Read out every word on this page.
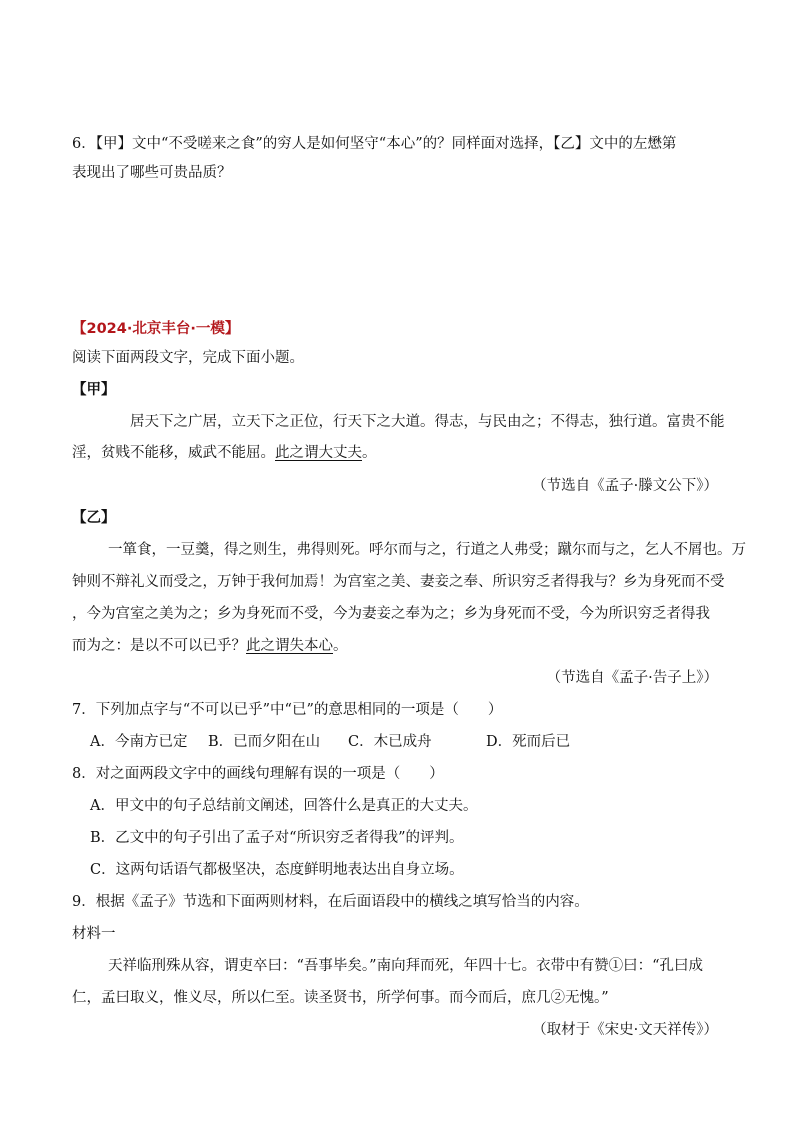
6．【甲】文中“不受嗟来之食”的穷人是如何坚守“本心”的？同样面对选择，【乙】文中的左懋第
表现出了哪些可贵品质？
【2024·北京丰台·一模】
阅读下面两段文字，完成下面小题。
【甲】
居天下之广居，立天下之正位，行天下之大道。得志，与民由之；不得志，独行道。富贵不能
淫，贫贱不能移，威武不能屈。此之谓大丈夫。
（节选自《孟子·滕文公下》）
【乙】
一箪食，一豆羹，得之则生，弗得则死。呼尔而与之，行道之人弗受；蹴尔而与之，乞人不屑也。万
钟则不辩礼义而受之，万钟于我何加焉！为宫室之美、妻妾之奉、所识穷乏者得我与？乡为身死而不受
，今为宫室之美为之；乡为身死而不受，今为妻妾之奉为之；乡为身死而不受，今为所识穷乏者得我
而为之：是以不可以已乎？此之谓失本心。
（节选自《孟子·告子上》）
7．下列加点字与“不可以已乎”中“已”的意思相同的一项是（　　）
A．今南方已定 B．已而夕阳在山 C．木已成舟	D．死而后已
8．对之面两段文字中的画线句理解有误的一项是（　　）
A．甲文中的句子总结前文阐述，回答什么是真正的大丈夫。
B．乙文中的句子引出了孟子对“所识穷乏者得我”的评判。
C．这两句话语气都极坚决，态度鲜明地表达出自身立场。
9．根据《孟子》节选和下面两则材料，在后面语段中的横线之填写恰当的内容。
材料一
天祥临刑殊从容，谓吏卒曰：“吾事毕矣。”南向拜而死，年四十七。衣带中有赞①曰：“孔曰成
仁，孟曰取义，惟义尽，所以仁至。读圣贤书，所学何事。而今而后，庶几②无愧。”
（取材于《宋史·文天祥传》）
